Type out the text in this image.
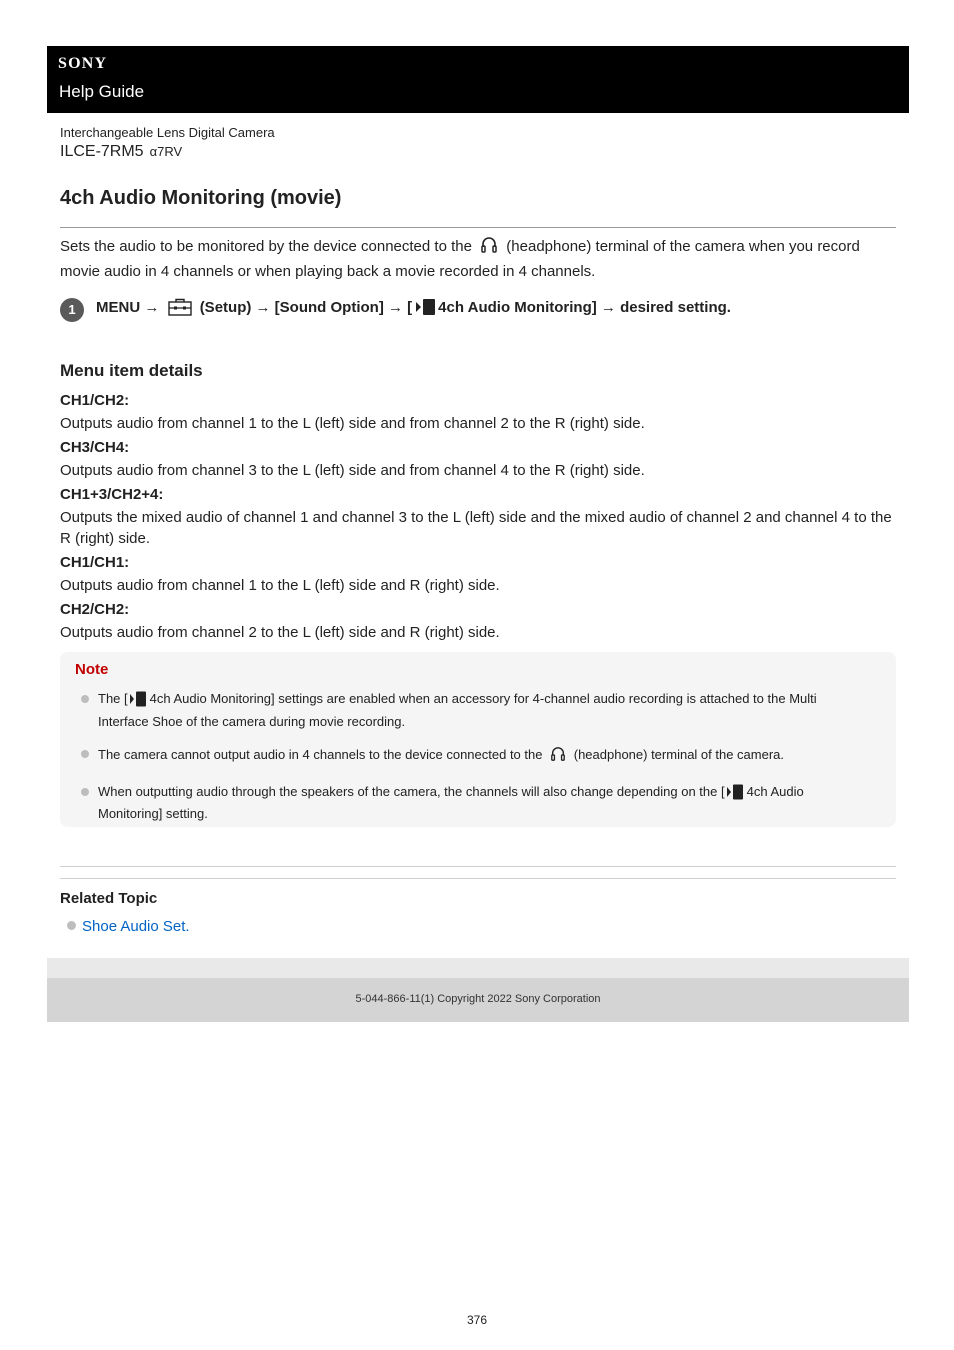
SONY
Help Guide
Interchangeable Lens Digital Camera
ILCE-7RM5 α7RV
4ch Audio Monitoring (movie)
Sets the audio to be monitored by the device connected to the (headphone) terminal of the camera when you record movie audio in 4 channels or when playing back a movie recorded in 4 channels.
1	MENU →	(Setup) → [Sound Option] → [ 4ch Audio Monitoring] → desired setting.
Menu item details

CH1/CH2:

Outputs audio from channel 1 to the L (left) side and from channel 2 to the R (right) side.

CH3/CH4:

Outputs audio from channel 3 to the L (left) side and from channel 4 to the R (right) side.

CH1+3/CH2+4:

Outputs the mixed audio of channel 1 and channel 3 to the L (left) side and the mixed audio of channel 2 and channel 4 to the R (right) side.

CH1/CH1:

Outputs audio from channel 1 to the L (left) side and R (right) side.

CH2/CH2:

Outputs audio from channel 2 to the L (left) side and R (right) side.

Note
The [ 4ch Audio Monitoring] settings are enabled when an accessory for 4-channel audio recording is attached to the Multi Interface Shoe of the camera during movie recording.
The camera cannot output audio in 4 channels to the device connected to the (headphone) terminal of the camera.
When outputting audio through the speakers of the camera, the channels will also change depending on the [ 4ch Audio Monitoring] setting.
Related Topic
Shoe Audio Set.
5-044-866-11(1) Copyright 2022 Sony Corporation
376
